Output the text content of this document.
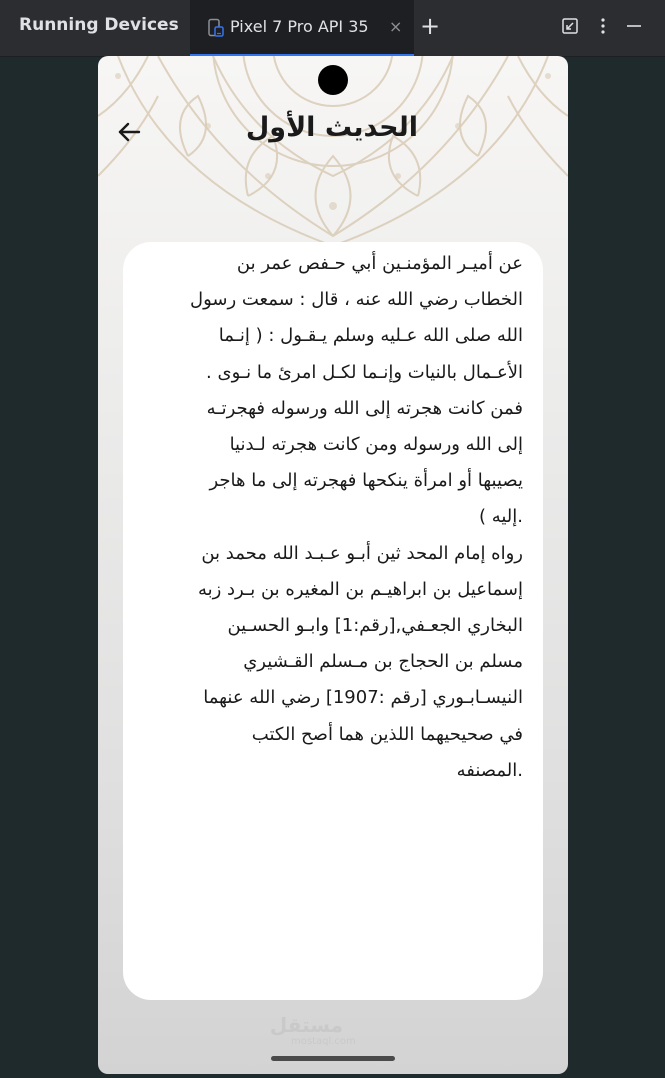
Running Devices	Pixel 7 Pro API 35 × +
الحديث الأول

عن أميـر المؤمنـين أبي حـفص عمر بن
الخطاب رضي الله عنه ، قال : سمعت رسول
الله صلى الله عـليه وسلم يـقـول : ( إنـما
الأعـمال بالنيات وإنـما لكـل امرئ ما نـوى .
فمن كانت هجرته إلى الله ورسوله فهجرتـه
إلى الله ورسوله ومن كانت هجرته لـدنيا
يصيبها أو امرأة ينكحها فهجرته إلى ما هاجر
.إليه )
رواه إمام المحد ثين أبـو عـبـد الله محمد بن
إسماعيل بن ابراهيـم بن المغيره بن بـرد زبه
البخاري الجعـفي,[رقم:1] وابـو الحسـين
مسلم بن الحجاج بن مـسلم القـشيري
النيسـابـوري [رقم :1907] رضي الله عنهما
في صحيحيهما اللذين هما أصح الكتب
.المصنفه

مستقل
mostaql.com
